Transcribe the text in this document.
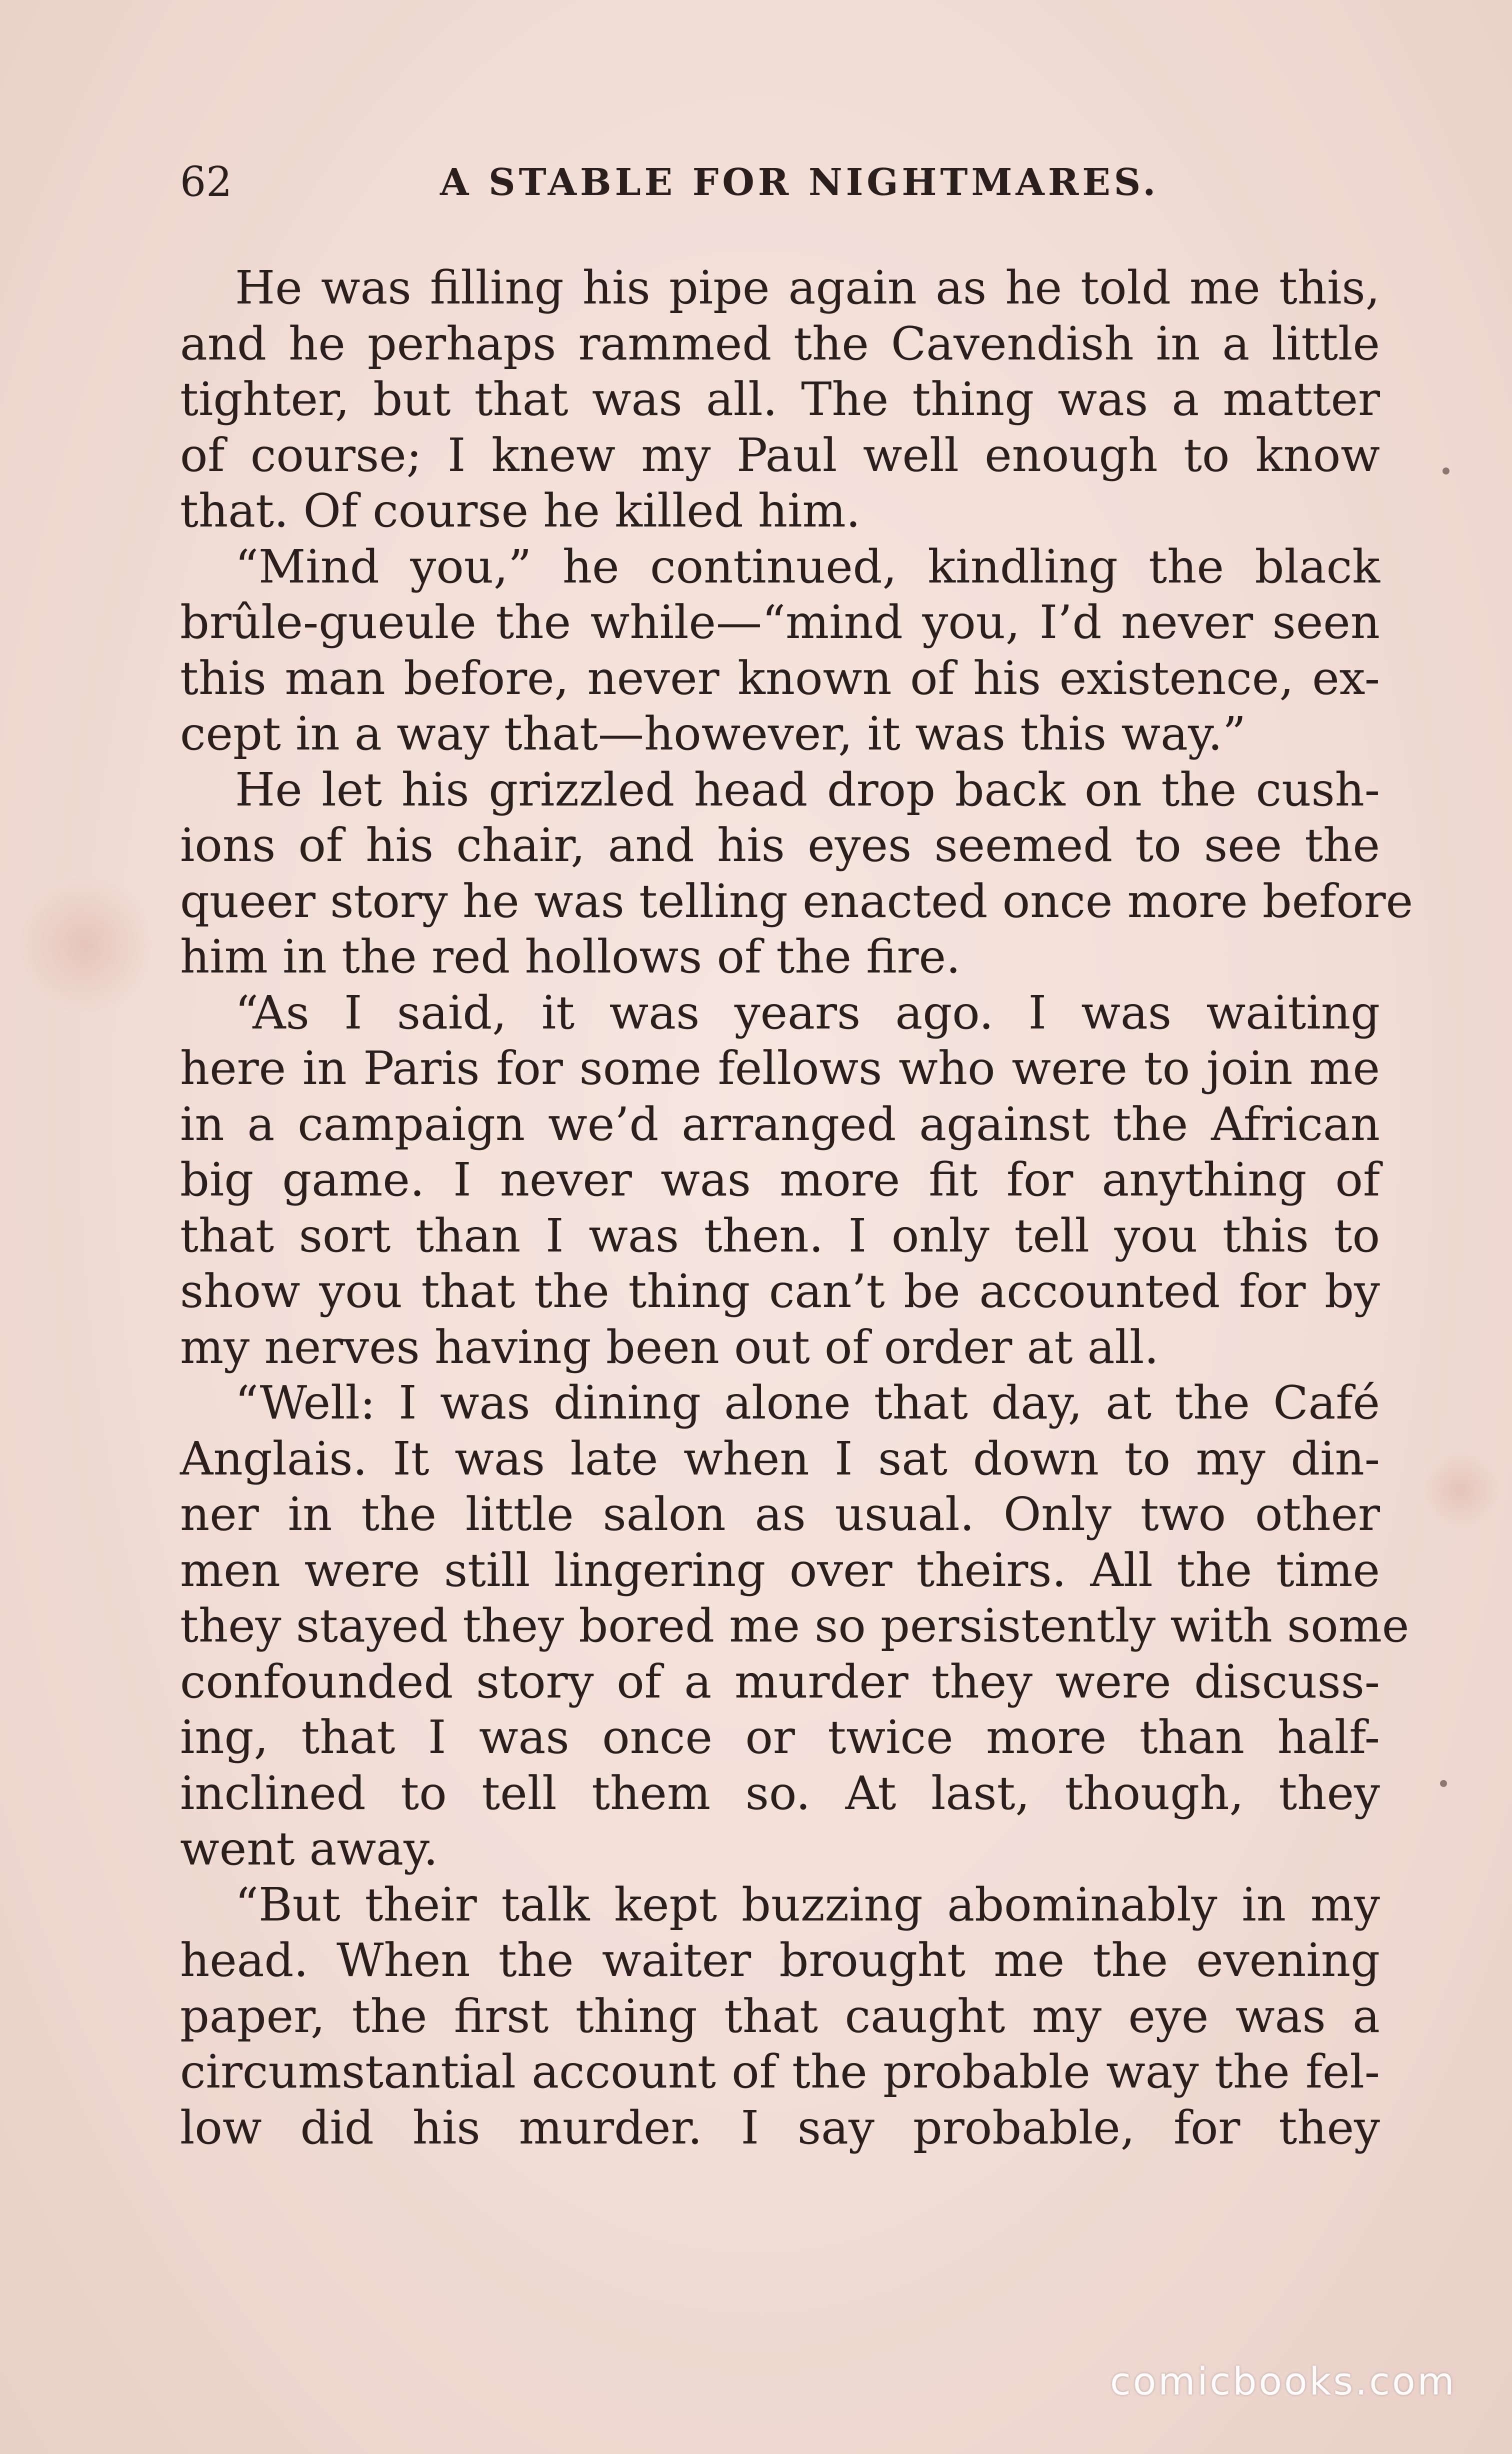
62	A STABLE FOR NIGHTMARES.
He was filling his pipe again as he told me this,
and he perhaps rammed the Cavendish in a little
tighter, but that was all. The thing was a matter
of course; I knew my Paul well enough to know
that. Of course he killed him.
“Mind you,” he continued, kindling the black
brûle-gueule the while—“mind you, I’d never seen
this man before, never known of his existence, ex-
cept in a way that—however, it was this way.”
He let his grizzled head drop back on the cush-
ions of his chair, and his eyes seemed to see the
queer story he was telling enacted once more before
him in the red hollows of the fire.
“As I said, it was years ago. I was waiting
here in Paris for some fellows who were to join me
in a campaign we’d arranged against the African
big game. I never was more fit for anything of
that sort than I was then. I only tell you this to
show you that the thing can’t be accounted for by
my nerves having been out of order at all.
“Well: I was dining alone that day, at the Café
Anglais. It was late when I sat down to my din-
ner in the little salon as usual. Only two other
men were still lingering over theirs. All the time
they stayed they bored me so persistently with some
confounded story of a murder they were discuss-
ing, that I was once or twice more than half-
inclined to tell them so. At last, though, they
went away.
“But their talk kept buzzing abominably in my
head. When the waiter brought me the evening
paper, the first thing that caught my eye was a
circumstantial account of the probable way the fel-
low did his murder. I say probable, for they
comicbooks.com
